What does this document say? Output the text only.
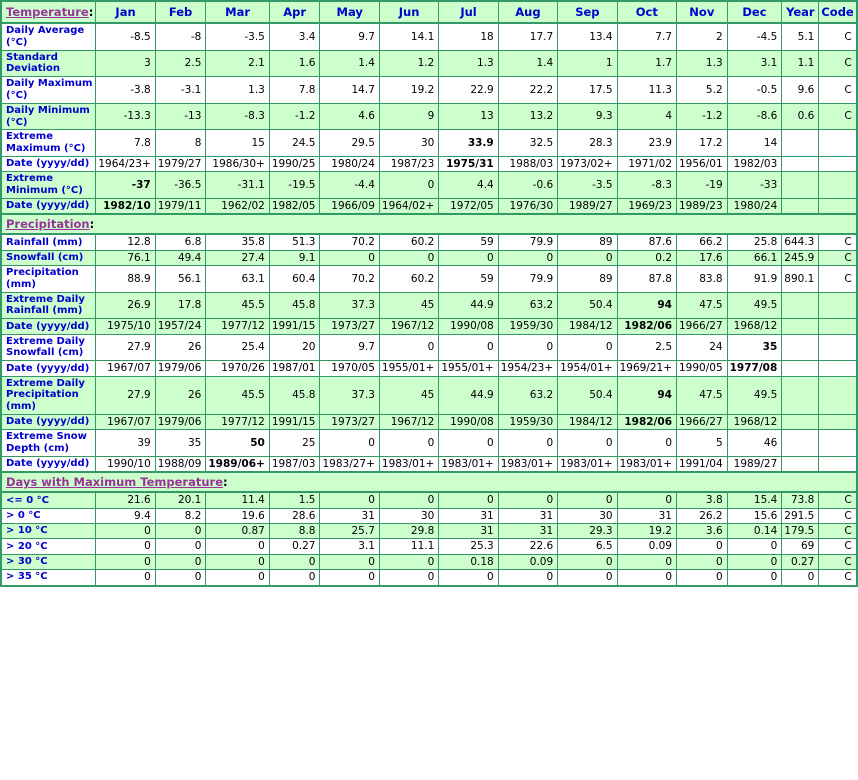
Temperature:	Jan	Feb	Mar	Apr	May	Jun	Jul	Aug	Sep	Oct	Nov	Dec	Year	Code
Daily Average (°C)	-8.5	-8	-3.5	3.4	9.7	14.1	18	17.7	13.4	7.7	2	-4.5	5.1	C
Standard Deviation	3	2.5	2.1	1.6	1.4	1.2	1.3	1.4	1	1.7	1.3	3.1	1.1	C
Daily Maximum (°C)	-3.8	-3.1	1.3	7.8	14.7	19.2	22.9	22.2	17.5	11.3	5.2	-0.5	9.6	C
Daily Minimum (°C)	-13.3	-13	-8.3	-1.2	4.6	9	13	13.2	9.3	4	-1.2	-8.6	0.6	C
Extreme Maximum (°C)	7.8	8	15	24.5	29.5	30	33.9	32.5	28.3	23.9	17.2	14		
Date (yyyy/dd)	1964/23+	1979/27	1986/30+	1990/25	1980/24	1987/23	1975/31	1988/03	1973/02+	1971/02	1956/01	1982/03		
Extreme Minimum (°C)	-37	-36.5	-31.1	-19.5	-4.4	0	4.4	-0.6	-3.5	-8.3	-19	-33		
Date (yyyy/dd)	1982/10	1979/11	1962/02	1982/05	1966/09	1964/02+	1972/05	1976/30	1989/27	1969/23	1989/23	1980/24		
Precipitation:														
Rainfall (mm)	12.8	6.8	35.8	51.3	70.2	60.2	59	79.9	89	87.6	66.2	25.8	644.3	C
Snowfall (cm)	76.1	49.4	27.4	9.1	0	0	0	0	0	0.2	17.6	66.1	245.9	C
Precipitation (mm)	88.9	56.1	63.1	60.4	70.2	60.2	59	79.9	89	87.8	83.8	91.9	890.1	C
Extreme Daily Rainfall (mm)	26.9	17.8	45.5	45.8	37.3	45	44.9	63.2	50.4	94	47.5	49.5		
Date (yyyy/dd)	1975/10	1957/24	1977/12	1991/15	1973/27	1967/12	1990/08	1959/30	1984/12	1982/06	1966/27	1968/12		
Extreme Daily Snowfall (cm)	27.9	26	25.4	20	9.7	0	0	0	0	2.5	24	35		
Date (yyyy/dd)	1967/07	1979/06	1970/26	1987/01	1970/05	1955/01+	1955/01+	1954/23+	1954/01+	1969/21+	1990/05	1977/08		
Extreme Daily Precipitation (mm)	27.9	26	45.5	45.8	37.3	45	44.9	63.2	50.4	94	47.5	49.5		
Date (yyyy/dd)	1967/07	1979/06	1977/12	1991/15	1973/27	1967/12	1990/08	1959/30	1984/12	1982/06	1966/27	1968/12		
Extreme Snow Depth (cm)	39	35	50	25	0	0	0	0	0	0	5	46		
Date (yyyy/dd)	1990/10	1988/09	1989/06+	1987/03	1983/27+	1983/01+	1983/01+	1983/01+	1983/01+	1983/01+	1991/04	1989/27		
Days with Maximum Temperature:														
<= 0 °C	21.6	20.1	11.4	1.5	0	0	0	0	0	0	3.8	15.4	73.8	C
> 0 °C	9.4	8.2	19.6	28.6	31	30	31	31	30	31	26.2	15.6	291.5	C
> 10 °C	0	0	0.87	8.8	25.7	29.8	31	31	29.3	19.2	3.6	0.14	179.5	C
> 20 °C	0	0	0	0.27	3.1	11.1	25.3	22.6	6.5	0.09	0	0	69	C
> 30 °C	0	0	0	0	0	0	0.18	0.09	0	0	0	0	0.27	C
> 35 °C	0	0	0	0	0	0	0	0	0	0	0	0	0	C
